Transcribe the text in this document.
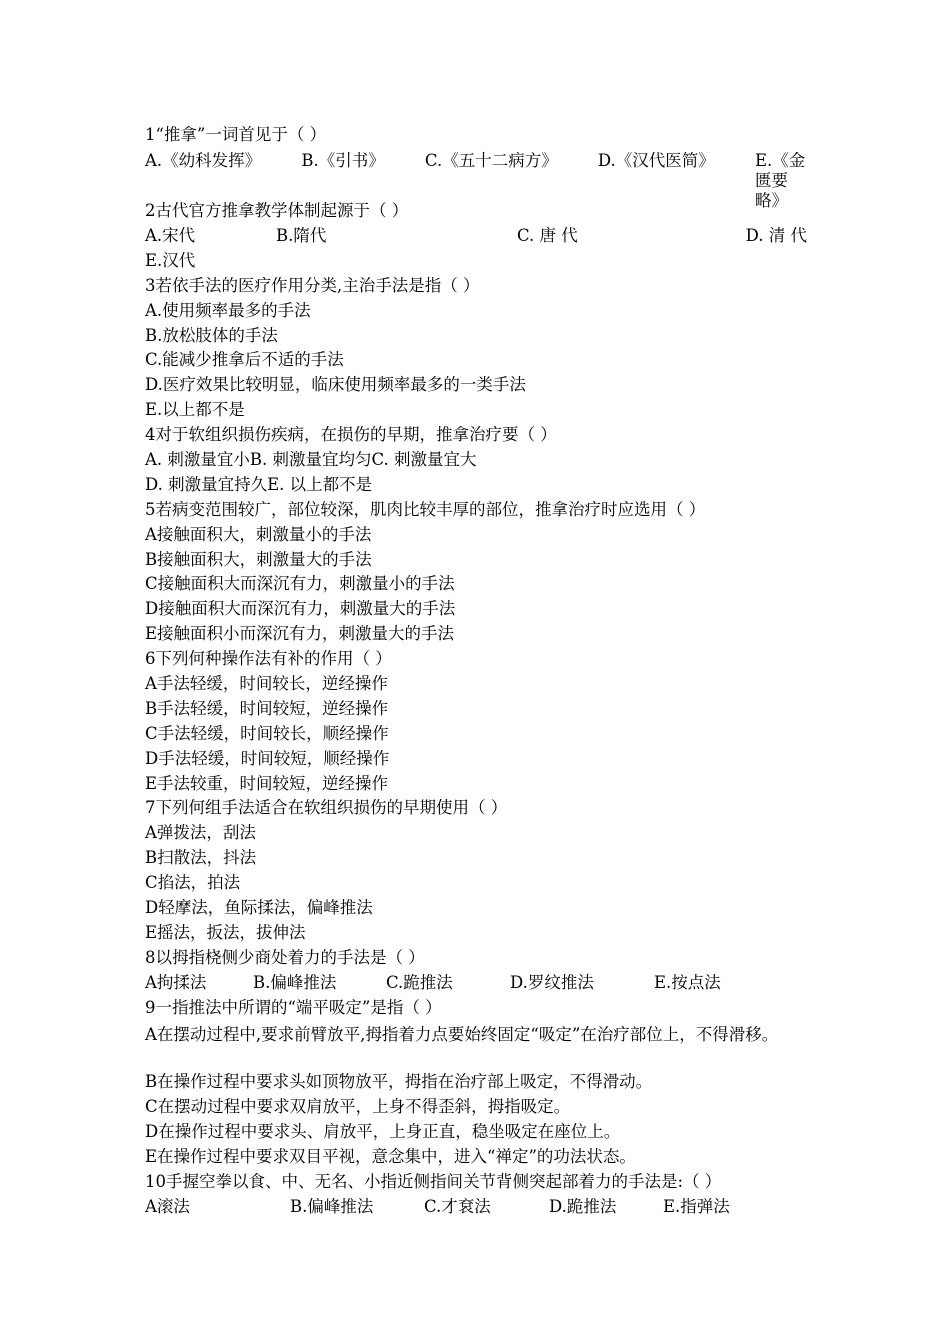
1“推拿”一词首见于（ ）
A.《幼科发挥》 B.《引书》 C.《五十二病方》 D.《汉代医简》 E.《金匮要略》
2古代官方推拿教学体制起源于（ ）
A.宋代	B.隋代	C. 唐 代	D. 清 代
E.汉代
3若依手法的医疗作用分类,主治手法是指（ ）
A.使用频率最多的手法
B.放松肢体的手法
C.能减少推拿后不适的手法
D.医疗效果比较明显，临床使用频率最多的一类手法
E.以上都不是
4对于软组织损伤疾病，在损伤的早期，推拿治疗要（ ）
A. 刺激量宜小B. 刺激量宜均匀C. 刺激量宜大
D. 刺激量宜持久E. 以上都不是
5若病变范围较广，部位较深，肌肉比较丰厚的部位，推拿治疗时应选用（ ）
A接触面积大，刺激量小的手法
B接触面积大，刺激量大的手法
C接触面积大而深沉有力，刺激量小的手法
D接触面积大而深沉有力，刺激量大的手法
E接触面积小而深沉有力，刺激量大的手法
6下列何种操作法有补的作用（ ）
A手法轻缓，时间较长，逆经操作
B手法轻缓，时间较短，逆经操作
C手法轻缓，时间较长，顺经操作
D手法轻缓，时间较短，顺经操作
E手法较重，时间较短，逆经操作
7下列何组手法适合在软组织损伤的早期使用（ ）
A弹拨法，刮法
B扫散法，抖法
C掐法，拍法
D轻摩法，鱼际揉法，偏峰推法
E摇法，扳法，拔伸法
8以拇指桡侧少商处着力的手法是（ ）
A拘揉法	B.偏峰推法	C.跪推法	D.罗纹推法	E.按点法
9一指推法中所谓的“端平吸定”是指（ ）
A在摆动过程中,要求前臂放平,拇指着力点要始终固定“吸定”在治疗部位上，不得滑移。
B在操作过程中要求头如顶物放平，拇指在治疗部上吸定，不得滑动。
C在摆动过程中要求双肩放平，上身不得歪斜，拇指吸定。
D在操作过程中要求头、肩放平，上身正直，稳坐吸定在座位上。
E在操作过程中要求双目平视，意念集中，进入“禅定”的功法状态。
10手握空拳以食、中、无名、小指近侧指间关节背侧突起部着力的手法是:（ ）
A滚法	B.偏峰推法	C.才袞法	D.跪推法	E.指弹法
